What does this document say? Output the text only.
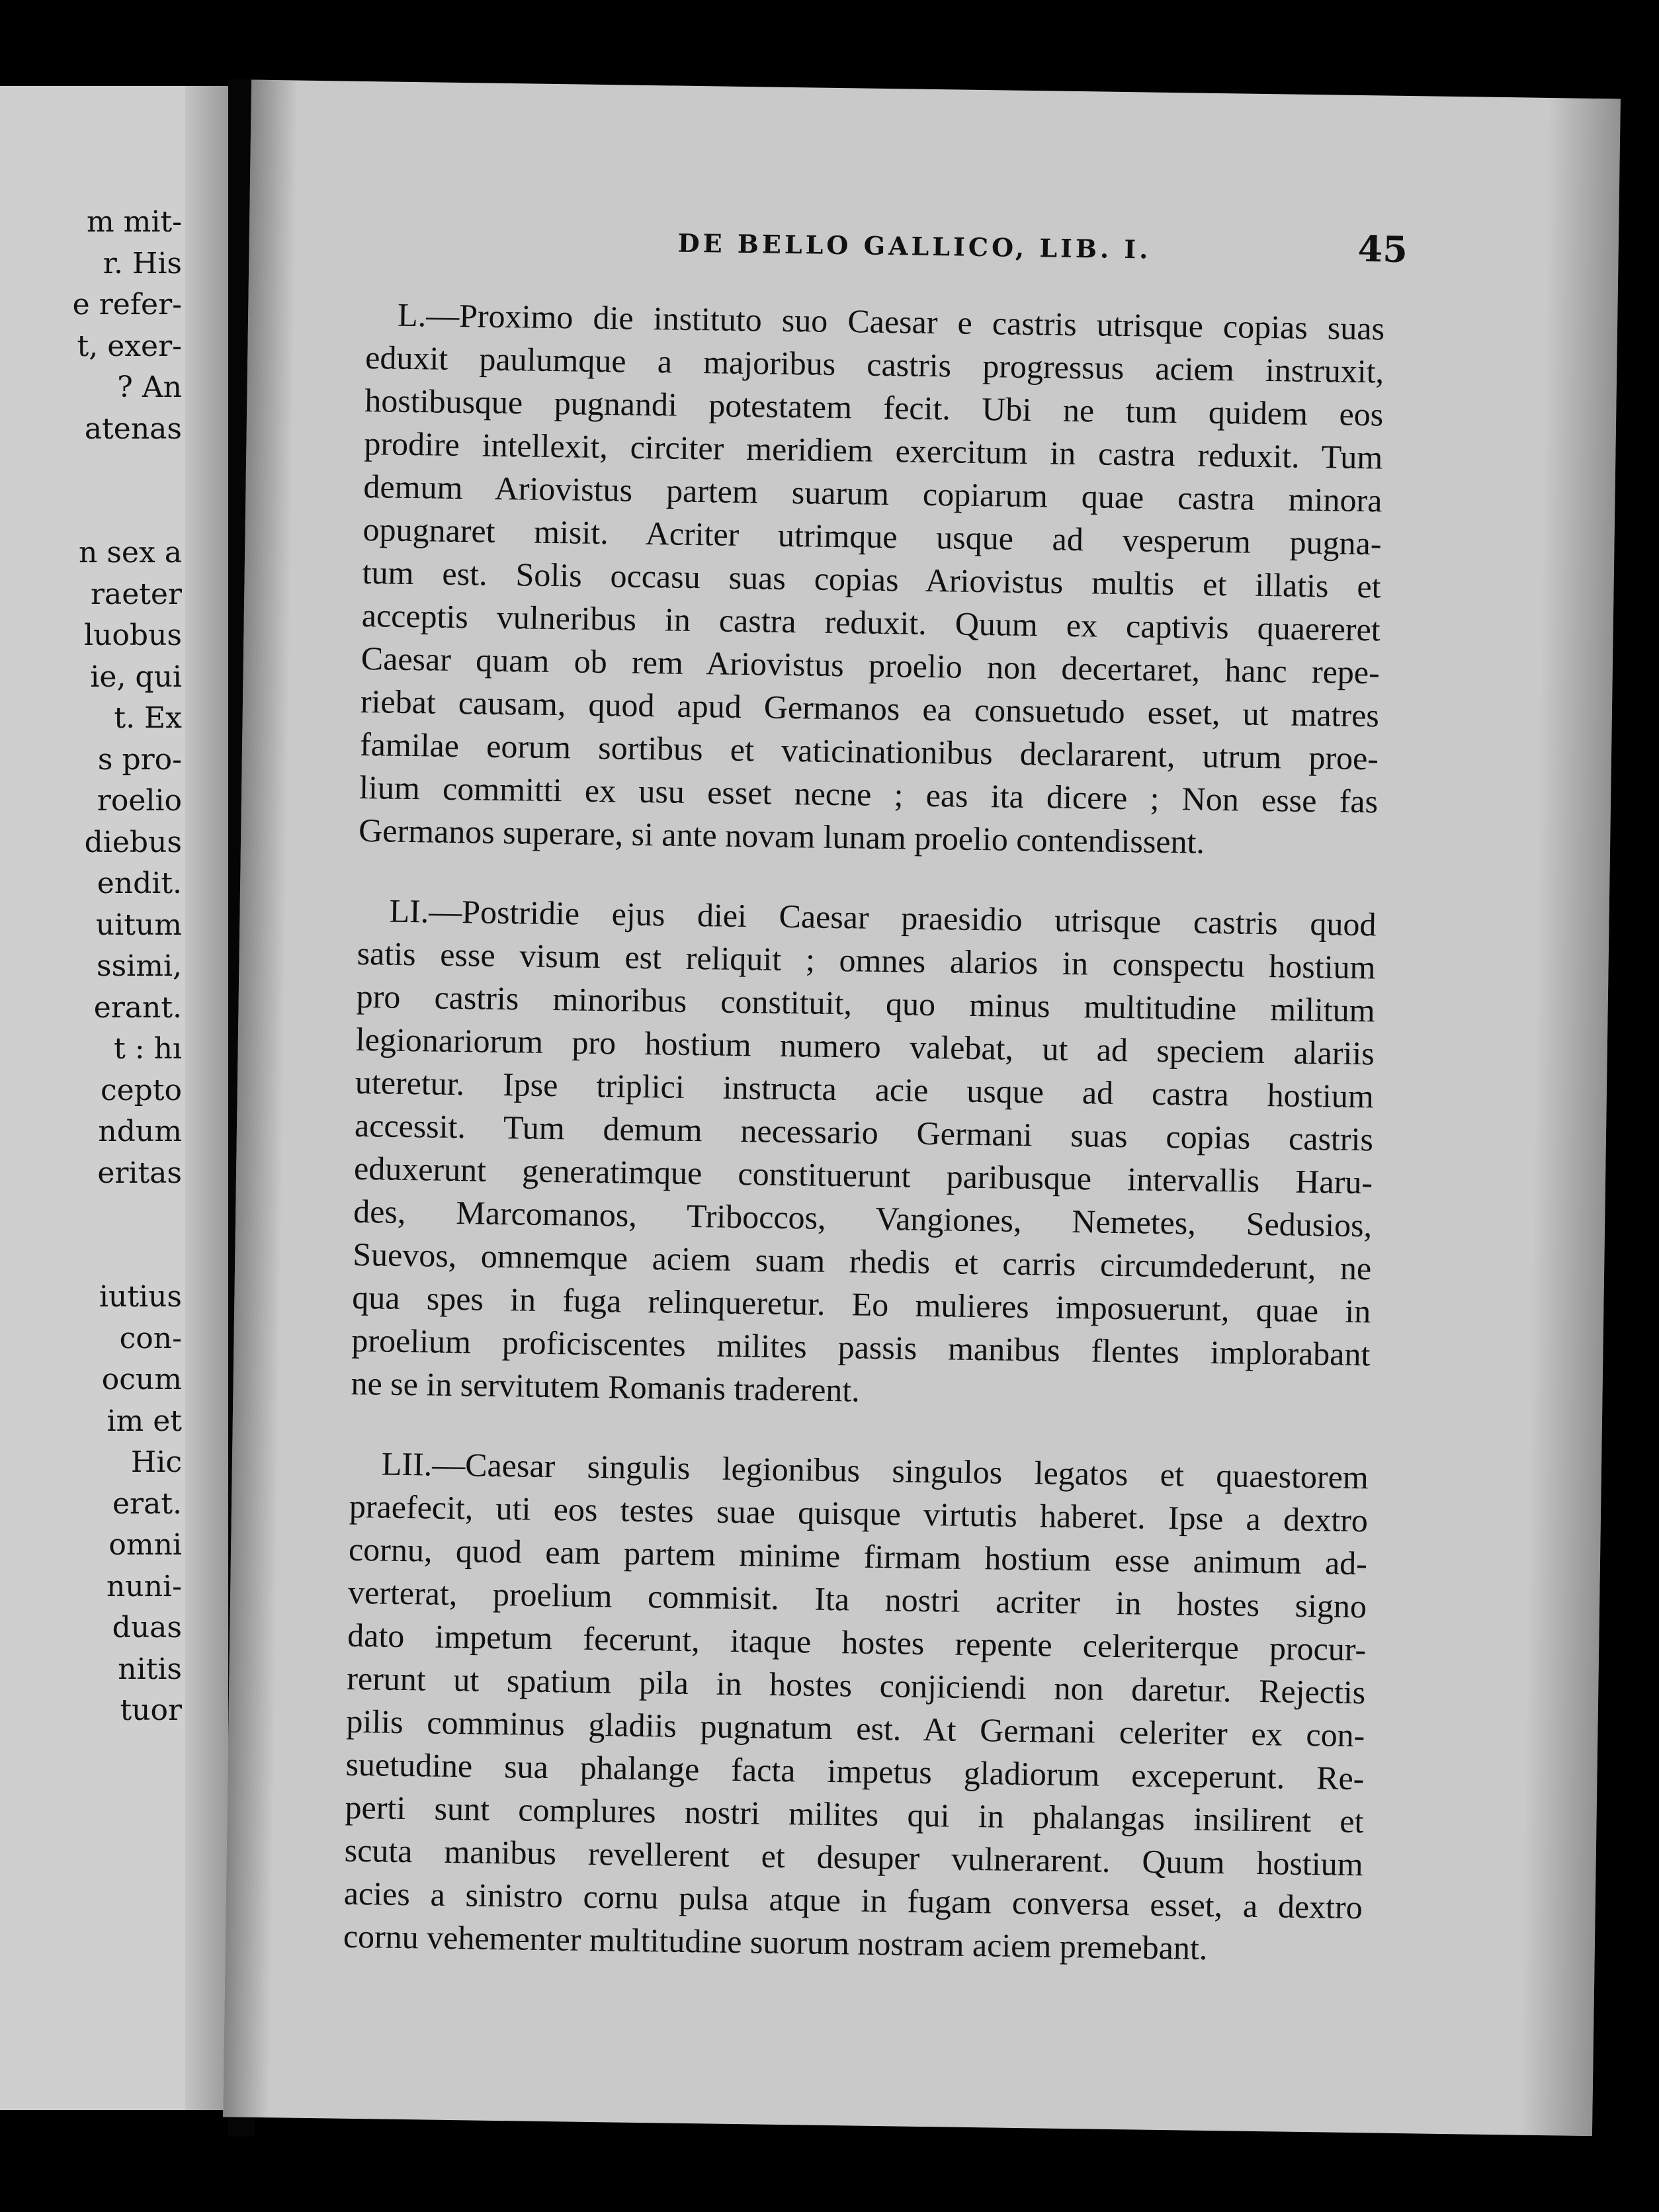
m mit-
r. His
e refer-
t, exer-
? An
atenas
n sex a
raeter
luobus
ie, qui
t. Ex
s pro-
roelio
diebus
endit.
uitum
ssimi,
erant.
t : hı
cepto
ndum
eritas
iutius
con-
ocum
im et
Hic
erat.
omni
nuni-
duas
nitis
tuor
DE BELLO GALLICO, LIB. I.	45
L.—Proximo die instituto suo Caesar e castris utrisque copias suas
eduxit paulumque a majoribus castris progressus aciem instruxit,
hostibusque pugnandi potestatem fecit. Ubi ne tum quidem eos
prodire intellexit, circiter meridiem exercitum in castra reduxit. Tum
demum Ariovistus partem suarum copiarum quae castra minora
opugnaret misit. Acriter utrimque usque ad vesperum pugna-
tum est. Solis occasu suas copias Ariovistus multis et illatis et
acceptis vulneribus in castra reduxit. Quum ex captivis quaereret
Caesar quam ob rem Ariovistus proelio non decertaret, hanc repe-
riebat causam, quod apud Germanos ea consuetudo esset, ut matres
familae eorum sortibus et vaticinationibus declararent, utrum proe-
lium committi ex usu esset necne ; eas ita dicere ; Non esse fas
Germanos superare, si ante novam lunam proelio contendissent.
LI.—Postridie ejus diei Caesar praesidio utrisque castris quod
satis esse visum est reliquit ; omnes alarios in conspectu hostium
pro castris minoribus constituit, quo minus multitudine militum
legionariorum pro hostium numero valebat, ut ad speciem alariis
uteretur. Ipse triplici instructa acie usque ad castra hostium
accessit. Tum demum necessario Germani suas copias castris
eduxerunt generatimque constituerunt paribusque intervallis Haru-
des, Marcomanos, Triboccos, Vangiones, Nemetes, Sedusios,
Suevos, omnemque aciem suam rhedis et carris circumdederunt, ne
qua spes in fuga relinqueretur. Eo mulieres imposuerunt, quae in
proelium proficiscentes milites passis manibus flentes implorabant
ne se in servitutem Romanis traderent.
LII.—Caesar singulis legionibus singulos legatos et quaestorem
praefecit, uti eos testes suae quisque virtutis haberet. Ipse a dextro
cornu, quod eam partem minime firmam hostium esse animum ad-
verterat, proelium commisit. Ita nostri acriter in hostes signo
dato impetum fecerunt, itaque hostes repente celeriterque procur-
rerunt ut spatium pila in hostes conjiciendi non daretur. Rejectis
pilis comminus gladiis pugnatum est. At Germani celeriter ex con-
suetudine sua phalange facta impetus gladiorum exceperunt. Re-
perti sunt complures nostri milites qui in phalangas insilirent et
scuta manibus revellerent et desuper vulnerarent. Quum hostium
acies a sinistro cornu pulsa atque in fugam conversa esset, a dextro
cornu vehementer multitudine suorum nostram aciem premebant.
